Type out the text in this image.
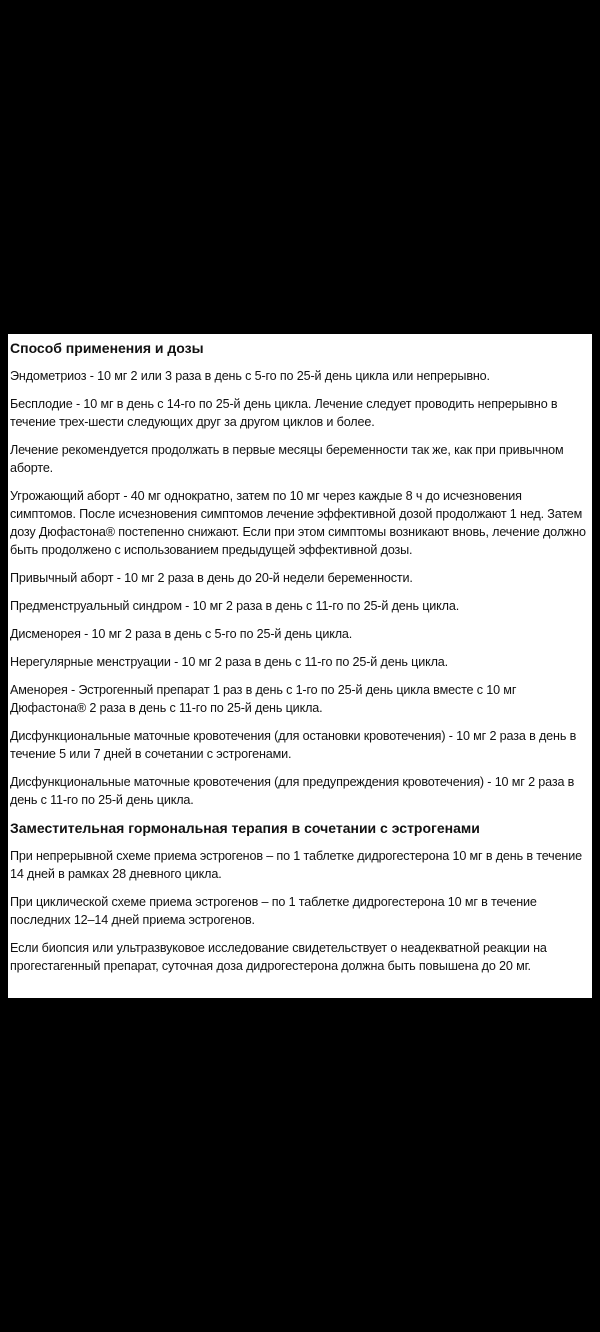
Способ применения и дозы
Эндометриоз - 10 мг 2 или 3 раза в день с 5-го по 25-й день цикла или непрерывно.
Бесплодие - 10 мг в день с 14-го по 25-й день цикла. Лечение следует проводить непрерывно в течение трех-шести следующих друг за другом циклов и более.
Лечение рекомендуется продолжать в первые месяцы беременности так же, как при привычном аборте.
Угрожающий аборт - 40 мг однократно, затем по 10 мг через каждые 8 ч до исчезновения симптомов. После исчезновения симптомов лечение эффективной дозой продолжают 1 нед. Затем дозу Дюфастона® постепенно снижают. Если при этом симптомы возникают вновь, лечение должно быть продолжено с использованием предыдущей эффективной дозы.
Привычный аборт - 10 мг 2 раза в день до 20-й недели беременности.
Предменструальный синдром - 10 мг 2 раза в день с 11-го по 25-й день цикла.
Дисменорея - 10 мг 2 раза в день с 5-го по 25-й день цикла.
Нерегулярные менструации - 10 мг 2 раза в день с 11-го по 25-й день цикла.
Аменорея - Эстрогенный препарат 1 раз в день с 1-го по 25-й день цикла вместе с 10 мг Дюфастона® 2 раза в день с 11-го по 25-й день цикла.
Дисфункциональные маточные кровотечения (для остановки кровотечения) - 10 мг 2 раза в день в течение 5 или 7 дней в сочетании с эстрогенами.
Дисфункциональные маточные кровотечения (для предупреждения кровотечения) - 10 мг 2 раза в день с 11-го по 25-й день цикла.
Заместительная гормональная терапия в сочетании с эстрогенами
При непрерывной схеме приема эстрогенов – по 1 таблетке дидрогестерона 10 мг в день в течение 14 дней в рамках 28 дневного цикла.
При циклической схеме приема эстрогенов – по 1 таблетке дидрогестерона 10 мг в течение последних 12–14 дней приема эстрогенов.
Если биопсия или ультразвуковое исследование свидетельствует о неадекватной реакции на прогестагенный препарат, суточная доза дидрогестерона должна быть повышена до 20 мг.
